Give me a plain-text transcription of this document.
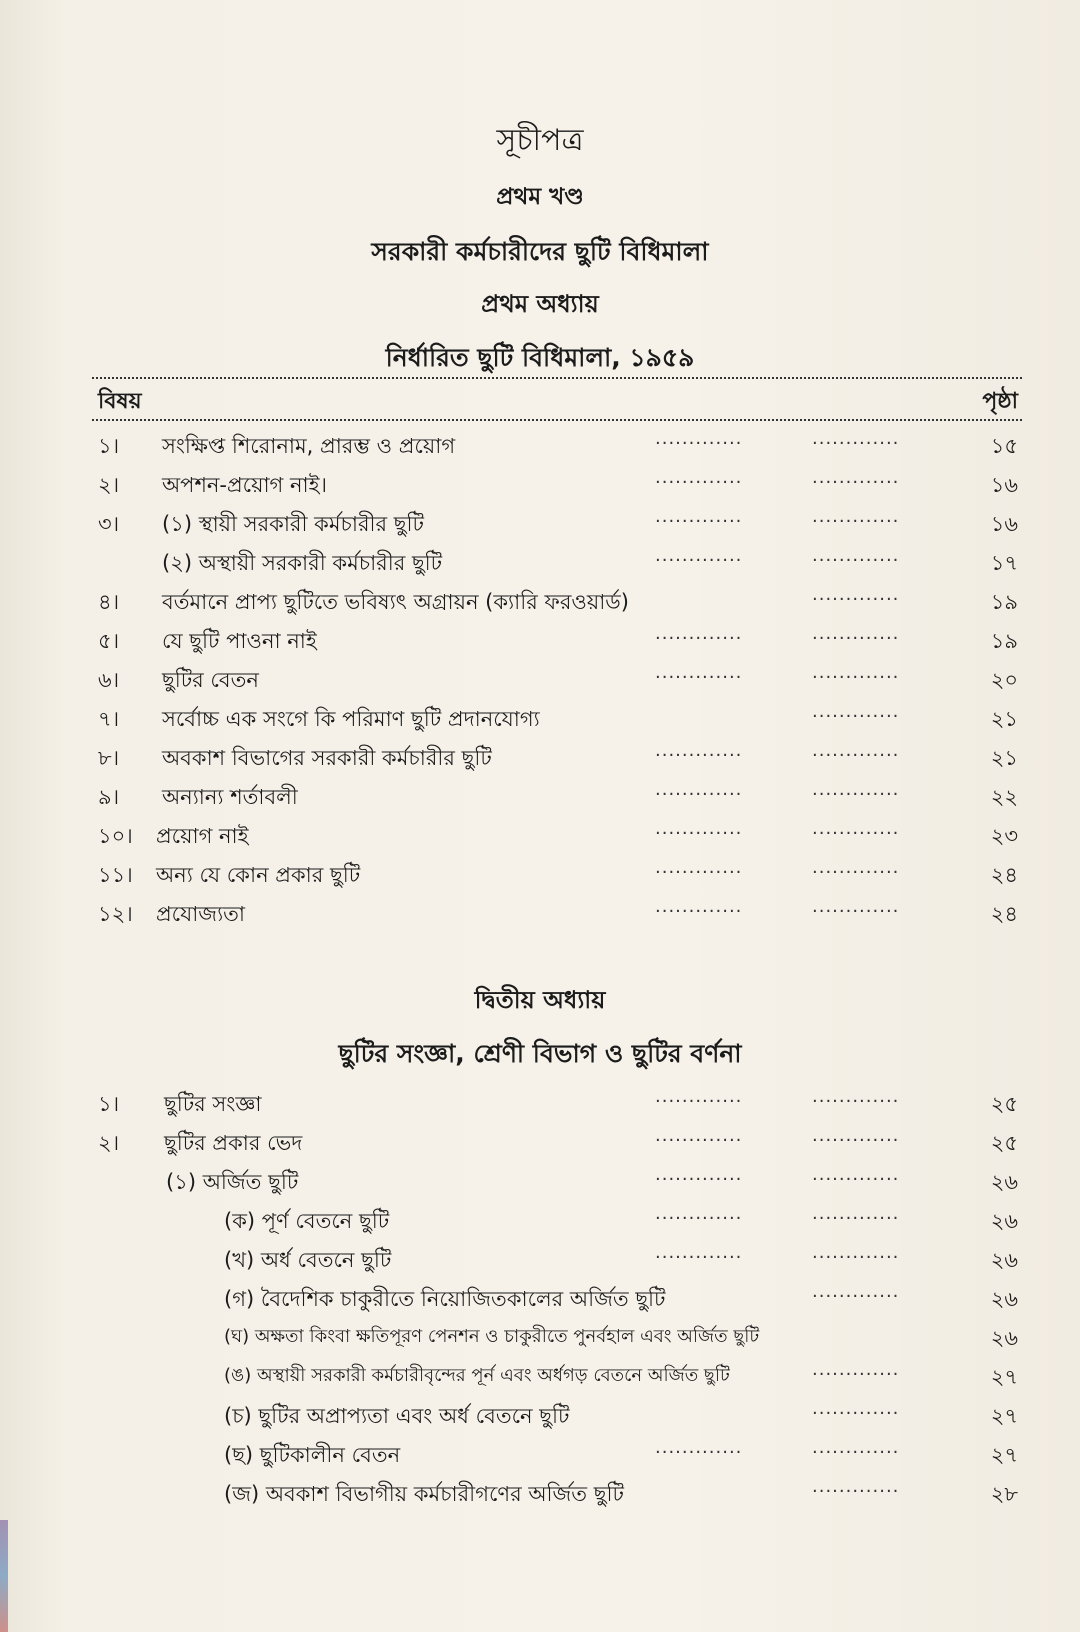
সূচীপত্র
প্রথম খণ্ড
সরকারী কর্মচারীদের ছুটি বিধিমালা
প্রথম অধ্যায়
নির্ধারিত ছুটি বিধিমালা, ১৯৫৯
বিষয়	পৃষ্ঠা
১। সংক্ষিপ্ত শিরোনাম, প্রারম্ভ ও প্রয়োগ	.............	.............	১৫
২। অপশন-প্রয়োগ নাই।	.............	.............	১৬
৩। (১) স্থায়ী সরকারী কর্মচারীর ছুটি	.............	.............	১৬
(২) অস্থায়ী সরকারী কর্মচারীর ছুটি	.............	.............	১৭
৪। বর্তমানে প্রাপ্য ছুটিতে ভবিষ্যৎ অগ্রায়ন (ক্যারি ফরওয়ার্ড)	.............	১৯
৫। যে ছুটি পাওনা নাই	.............	.............	১৯
৬। ছুটির বেতন	.............	.............	২০
৭। সর্বোচ্চ এক সংগে কি পরিমাণ ছুটি প্রদানযোগ্য	.............	২১
৮। অবকাশ বিভাগের সরকারী কর্মচারীর ছুটি	.............	.............	২১
৯। অন্যান্য শর্তাবলী	.............	.............	২২
১০। প্রয়োগ নাই	.............	.............	২৩
১১। অন্য যে কোন প্রকার ছুটি	.............	.............	২৪
১২। প্রযোজ্যতা	.............	.............	২৪
দ্বিতীয় অধ্যায়
ছুটির সংজ্ঞা, শ্রেণী বিভাগ ও ছুটির বর্ণনা
১। ছুটির সংজ্ঞা	.............	.............	২৫
২। ছুটির প্রকার ভেদ	.............	.............	২৫
(১) অর্জিত ছুটি	.............	.............	২৬
(ক) পূর্ণ বেতনে ছুটি	.............	.............	২৬
(খ) অর্ধ বেতনে ছুটি	.............	.............	২৬
(গ) বৈদেশিক চাকুরীতে নিয়োজিতকালের অর্জিত ছুটি	.............	২৬
(ঘ) অক্ষতা কিংবা ক্ষতিপূরণ পেনশন ও চাকুরীতে পুনর্বহাল এবং অর্জিত ছুটি	২৬
(ঙ) অস্থায়ী সরকারী কর্মচারীবৃন্দের পূর্ন এবং অর্ধগড় বেতনে অর্জিত ছুটি	.............	২৭
(চ) ছুটির অপ্রাপ্যতা এবং অর্ধ বেতনে ছুটি	.............	২৭
(ছ) ছুটিকালীন বেতন	.............	.............	২৭
(জ) অবকাশ বিভাগীয় কর্মচারীগণের অর্জিত ছুটি	.............	২৮
